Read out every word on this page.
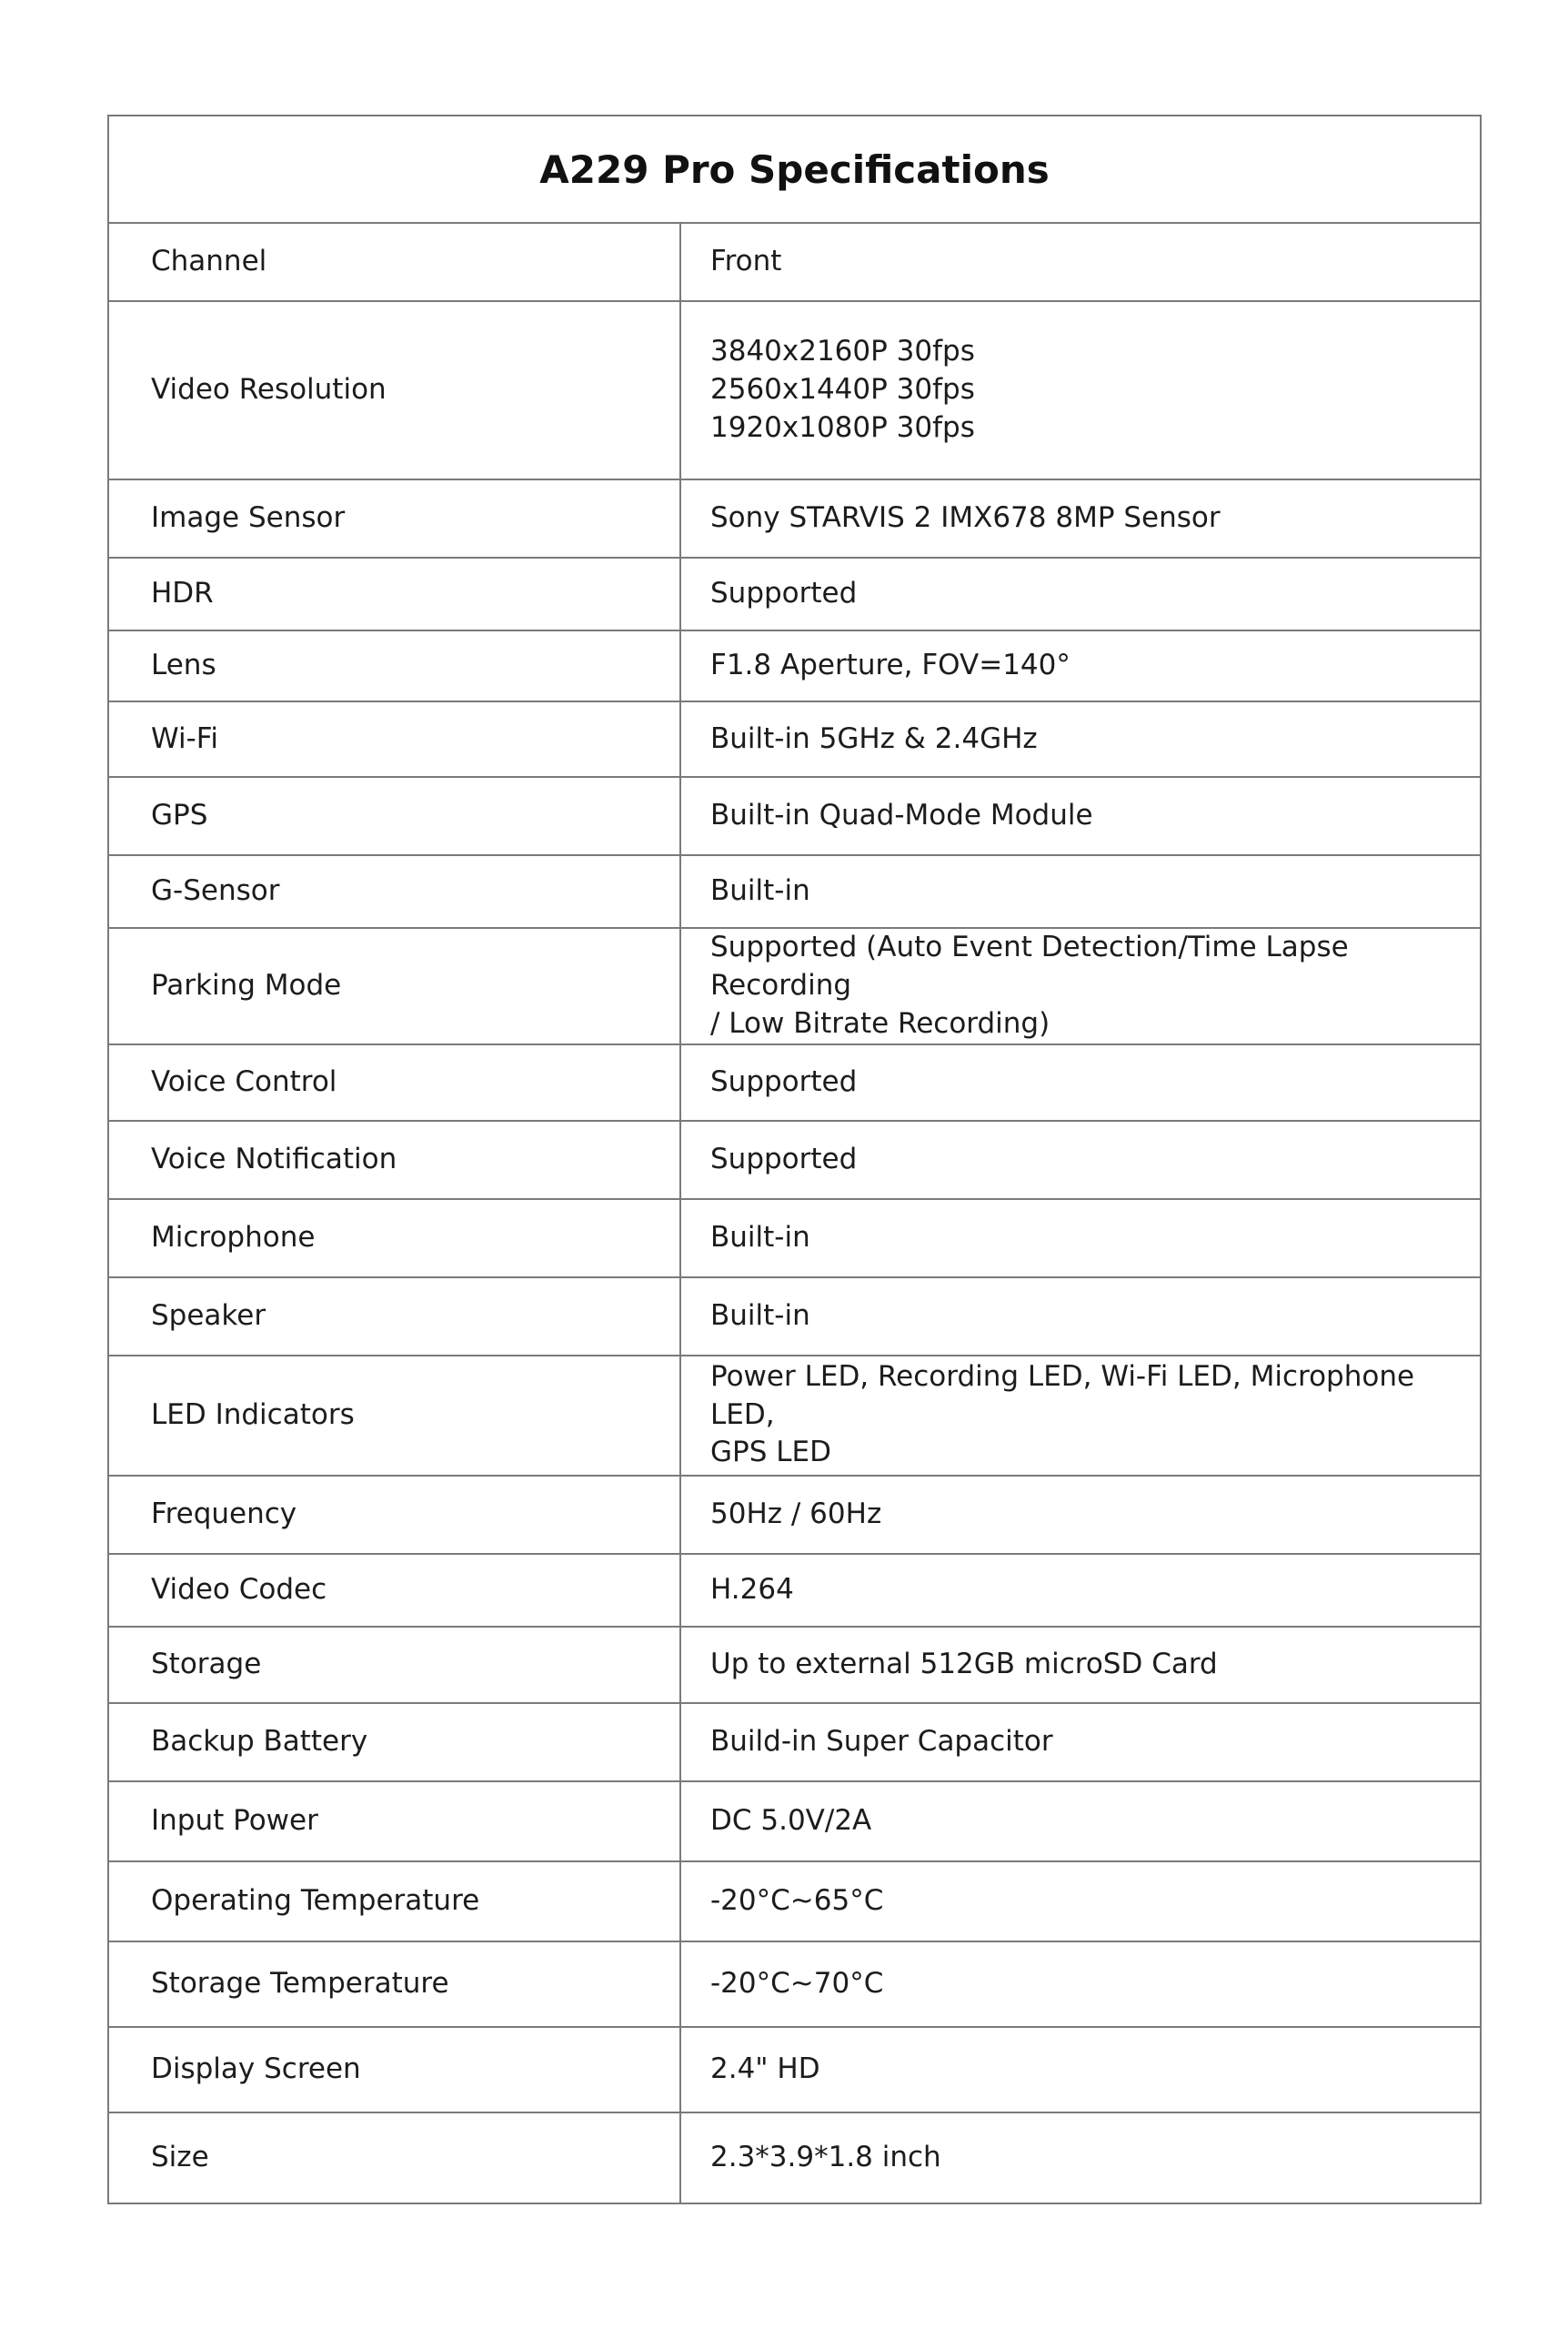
A229 Pro Specifications	
Channel	Front

Video Resolution	3840x2160P 30fps
2560x1440P 30fps
1920x1080P 30fps

Image Sensor	Sony STARVIS 2 IMX678 8MP Sensor

HDR	Supported

Lens	F1.8 Aperture, FOV=140°

Wi-Fi	Built-in 5GHz & 2.4GHz

GPS	Built-in Quad-Mode Module

G-Sensor	Built-in

Parking Mode	Supported (Auto Event Detection/Time Lapse Recording
/ Low Bitrate Recording)

Voice Control	Supported

Voice Notification	Supported

Microphone	Built-in

Speaker	Built-in

LED Indicators	Power LED, Recording LED, Wi-Fi LED, Microphone LED,
GPS LED

Frequency	50Hz / 60Hz

Video Codec	H.264

Storage	Up to external 512GB microSD Card

Backup Battery	Build-in Super Capacitor

Input Power	DC 5.0V/2A

Operating Temperature	-20°C~65°C

Storage Temperature	-20°C~70°C

Display Screen	2.4" HD

Size	2.3*3.9*1.8 inch
